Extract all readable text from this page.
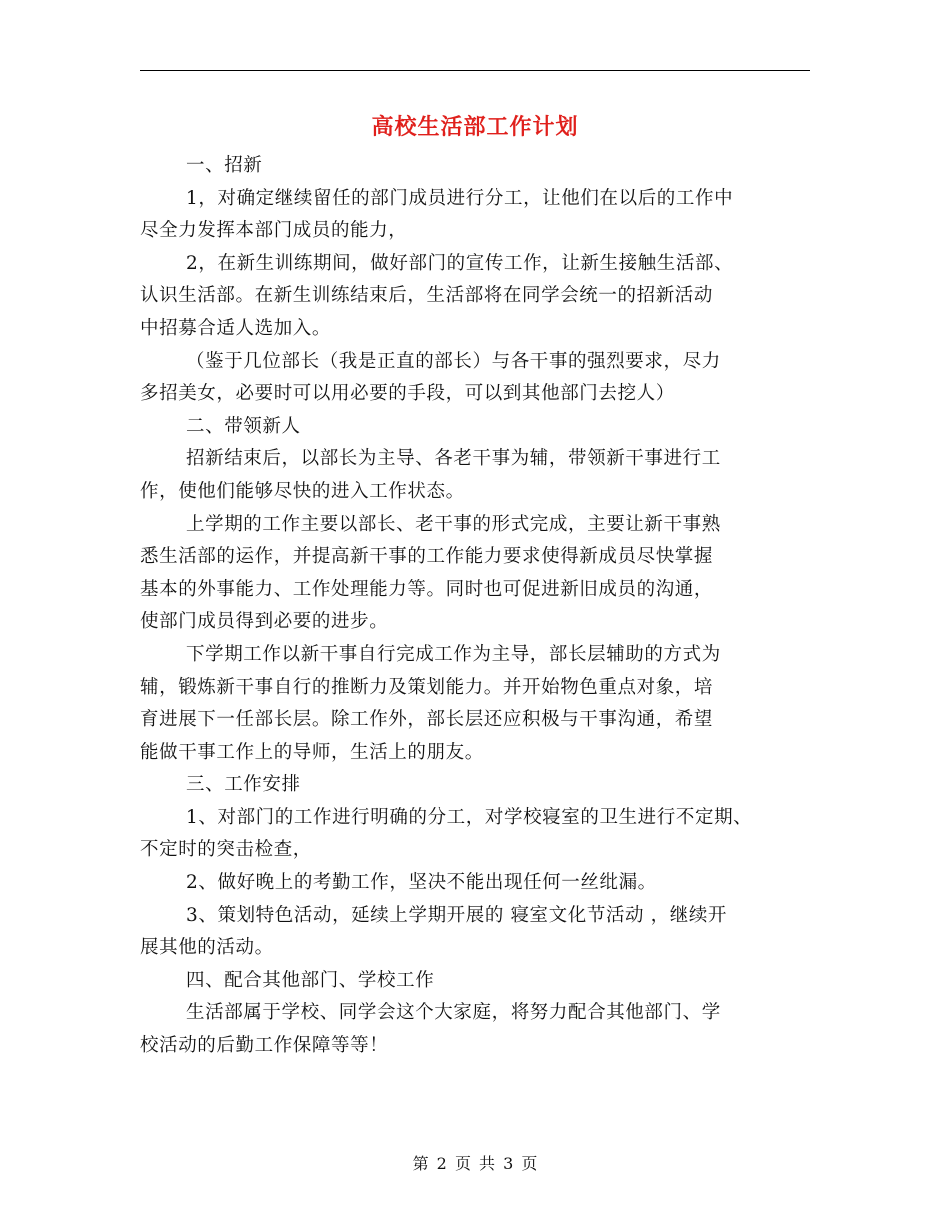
高校生活部工作计划
一、招新
1，对确定继续留任的部门成员进行分工，让他们在以后的工作中
尽全力发挥本部门成员的能力，
2，在新生训练期间，做好部门的宣传工作，让新生接触生活部、
认识生活部。在新生训练结束后，生活部将在同学会统一的招新活动
中招募合适人选加入。
（鉴于几位部长（我是正直的部长）与各干事的强烈要求，尽力
多招美女，必要时可以用必要的手段，可以到其他部门去挖人）
二、带领新人
招新结束后，以部长为主导、各老干事为辅，带领新干事进行工
作，使他们能够尽快的进入工作状态。
上学期的工作主要以部长、老干事的形式完成，主要让新干事熟
悉生活部的运作，并提高新干事的工作能力要求使得新成员尽快掌握
基本的外事能力、工作处理能力等。同时也可促进新旧成员的沟通，
使部门成员得到必要的进步。
下学期工作以新干事自行完成工作为主导，部长层辅助的方式为
辅，锻炼新干事自行的推断力及策划能力。并开始物色重点对象，培
育进展下一任部长层。除工作外，部长层还应积极与干事沟通，希望
能做干事工作上的导师，生活上的朋友。
三、工作安排
1、对部门的工作进行明确的分工，对学校寝室的卫生进行不定期、
不定时的突击检查，
2、做好晚上的考勤工作，坚决不能出现任何一丝纰漏。
3、策划特色活动，延续上学期开展的 寝室文化节活动 ，继续开
展其他的活动。
四、配合其他部门、学校工作
生活部属于学校、同学会这个大家庭，将努力配合其他部门、学
校活动的后勤工作保障等等！
第 2 页 共 3 页
